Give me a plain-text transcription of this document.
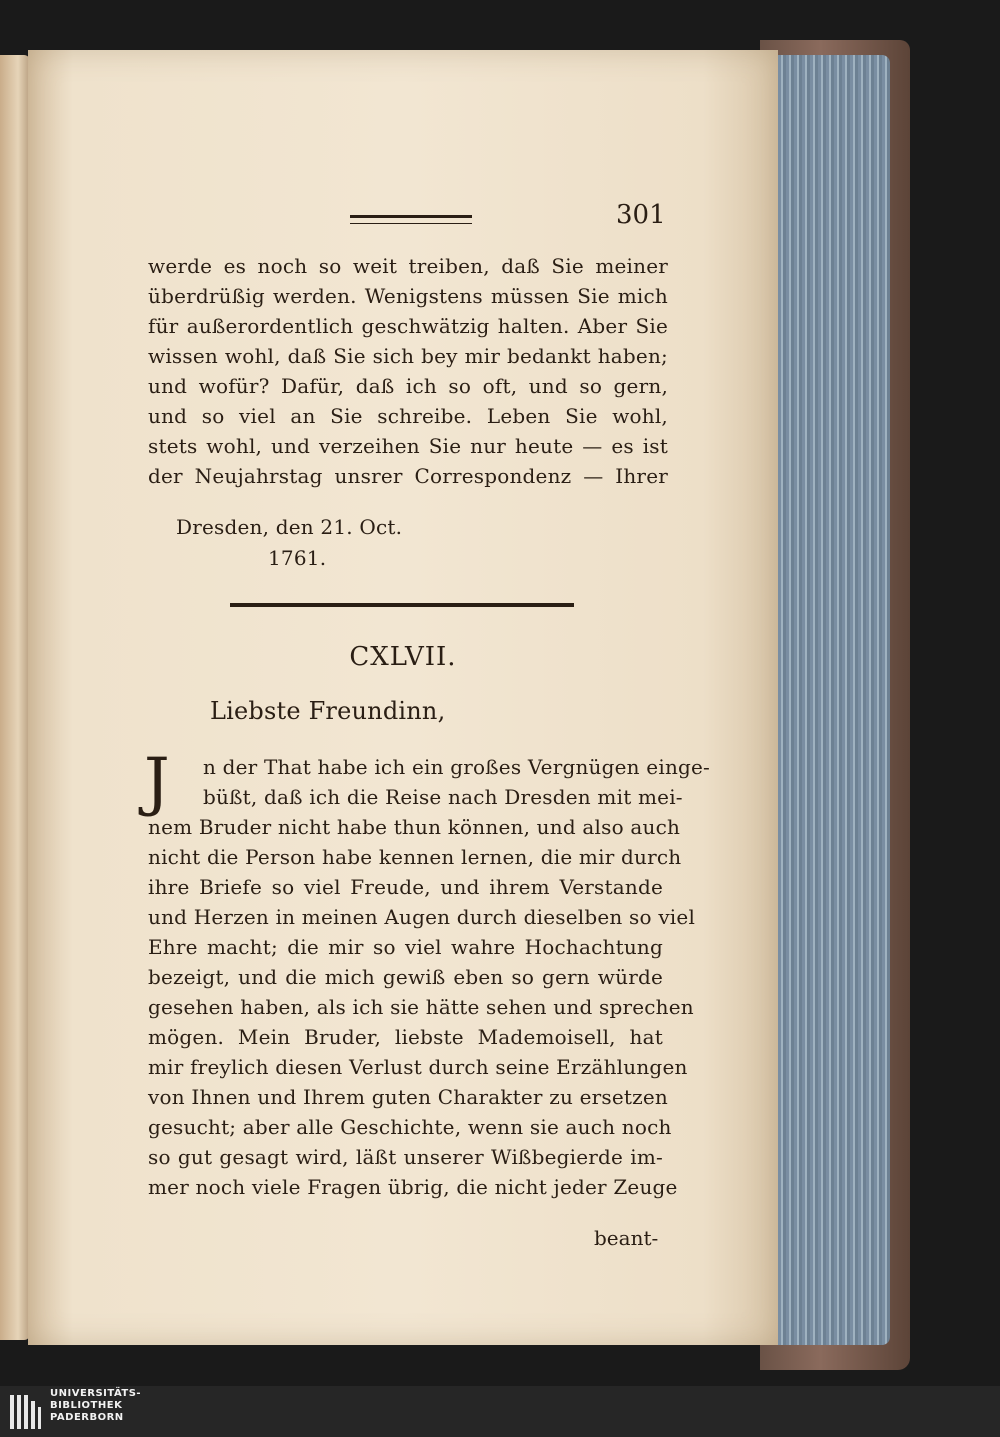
301
werde es noch so weit treiben, daß Sie meiner
überdrüßig werden. Wenigstens müssen Sie mich
für außerordentlich geschwätzig halten. Aber Sie
wissen wohl, daß Sie sich bey mir bedankt haben;
und wofür? Dafür, daß ich so oft, und so gern,
und so viel an Sie schreibe. Leben Sie wohl,
stets wohl, und verzeihen Sie nur heute — es ist
der Neujahrstag unsrer Correspondenz — Ihrer
Dresden, den 21. Oct.
1761.
CXLVII.
Liebste Freundinn,
J	n der That habe ich ein großes Vergnügen einge-
büßt, daß ich die Reise nach Dresden mit mei-
nem Bruder nicht habe thun können, und also auch
nicht die Person habe kennen lernen, die mir durch
ihre Briefe so viel Freude, und ihrem Verstande
und Herzen in meinen Augen durch dieselben so viel
Ehre macht; die mir so viel wahre Hochachtung
bezeigt, und die mich gewiß eben so gern würde
gesehen haben, als ich sie hätte sehen und sprechen
mögen. Mein Bruder, liebste Mademoisell, hat
mir freylich diesen Verlust durch seine Erzählungen
von Ihnen und Ihrem guten Charakter zu ersetzen
gesucht; aber alle Geschichte, wenn sie auch noch
so gut gesagt wird, läßt unserer Wißbegierde im-
mer noch viele Fragen übrig, die nicht jeder Zeuge
beant-
UNIVERSITÄTS-
BIBLIOTHEK
PADERBORN
